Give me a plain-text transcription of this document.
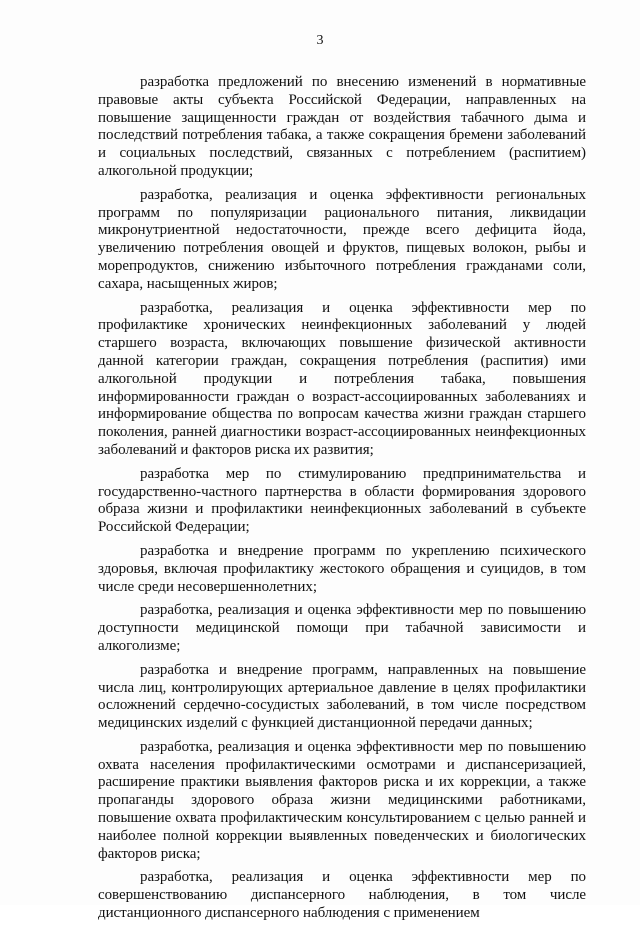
3

разработка предложений по внесению изменений в нормативные правовые акты субъекта Российской Федерации, направленных на повышение защищенности граждан от воздействия табачного дыма и последствий потребления табака, а также сокращения бремени заболеваний и социальных последствий, связанных с потреблением (распитием) алкогольной продукции;

разработка, реализация и оценка эффективности региональных программ по популяризации рационального питания, ликвидации микронутриентной недостаточности, прежде всего дефицита йода, увеличению потребления овощей и фруктов, пищевых волокон, рыбы и морепродуктов, снижению избыточного потребления гражданами соли, сахара, насыщенных жиров;

разработка, реализация и оценка эффективности мер по профилактике хронических неинфекционных заболеваний у людей старшего возраста, включающих повышение физической активности данной категории граждан, сокращения потребления (распития) ими алкогольной продукции и потребления табака, повышения информированности граждан о возраст-ассоциированных заболеваниях и информирование общества по вопросам качества жизни граждан старшего поколения, ранней диагностики возраст-ассоциированных неинфекционных заболеваний и факторов риска их развития;

разработка мер по стимулированию предпринимательства и государственно-частного партнерства в области формирования здорового образа жизни и профилактики неинфекционных заболеваний в субъекте Российской Федерации;

разработка и внедрение программ по укреплению психического здоровья, включая профилактику жестокого обращения и суицидов, в том числе среди несовершеннолетних;

разработка, реализация и оценка эффективности мер по повышению доступности медицинской помощи при табачной зависимости и алкоголизме;

разработка и внедрение программ, направленных на повышение числа лиц, контролирующих артериальное давление в целях профилактики осложнений сердечно-сосудистых заболеваний, в том числе посредством медицинских изделий с функцией дистанционной передачи данных;

разработка, реализация и оценка эффективности мер по повышению охвата населения профилактическими осмотрами и диспансеризацией, расширение практики выявления факторов риска и их коррекции, а также пропаганды здорового образа жизни медицинскими работниками, повышение охвата профилактическим консультированием с целью ранней и наиболее полной коррекции выявленных поведенческих и биологических факторов риска;

разработка, реализация и оценка эффективности мер по совершенствованию диспансерного наблюдения, в том числе дистанционного диспансерного наблюдения с применением
